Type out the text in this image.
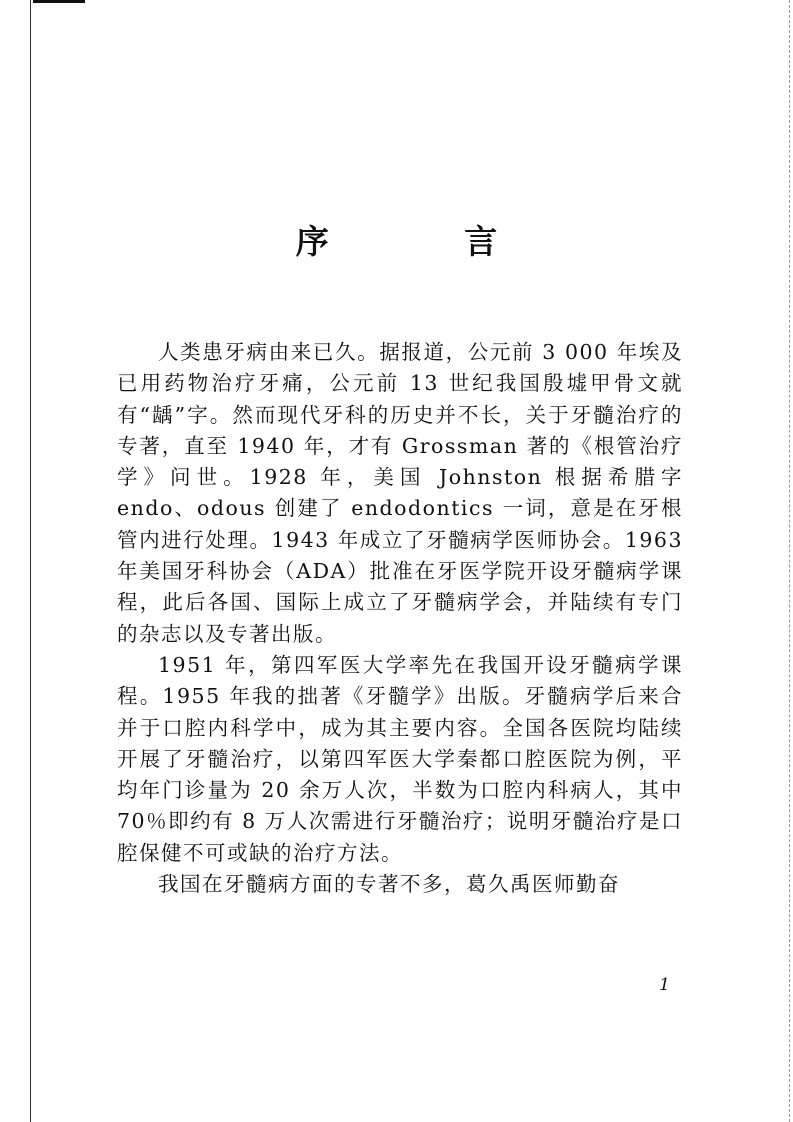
序 言

人类患牙病由来已久。据报道，公元前 3 000 年埃及已用药物治疗牙痛，公元前 13 世纪我国殷墟甲骨文就有“龋”字。然而现代牙科的历史并不长，关于牙髓治疗的专著，直至 1940 年，才有 Grossman 著的《根管治疗学》问世。1928 年，美国 Johnston 根据希腊字 endo、odous 创建了 endodontics 一词，意是在牙根管内进行处理。1943 年成立了牙髓病学医师协会。1963 年美国牙科协会（ADA）批准在牙医学院开设牙髓病学课程，此后各国、国际上成立了牙髓病学会，并陆续有专门的杂志以及专著出版。

1951 年，第四军医大学率先在我国开设牙髓病学课程。1955 年我的拙著《牙髓学》出版。牙髓病学后来合并于口腔内科学中，成为其主要内容。全国各医院均陆续开展了牙髓治疗，以第四军医大学秦都口腔医院为例，平均年门诊量为 20 余万人次，半数为口腔内科病人，其中 70％即约有 8 万人次需进行牙髓治疗；说明牙髓治疗是口腔保健不可或缺的治疗方法。

我国在牙髓病方面的专著不多，葛久禹医师勤奋

1
